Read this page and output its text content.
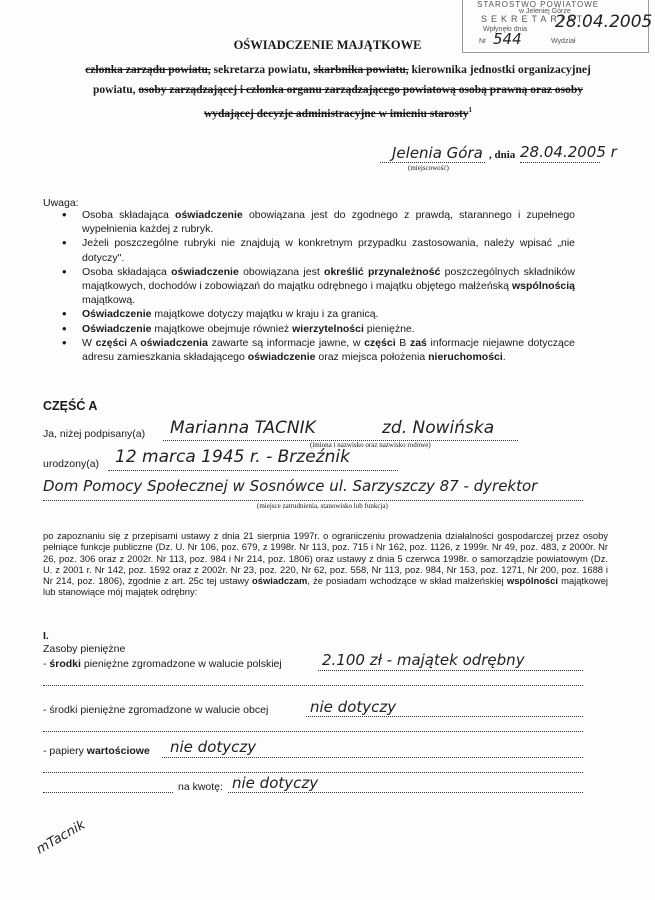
STAROSTWO POWIATOWE
w Jeleniej Górze
SEKRETARIAT
Wpłynęło dnia
Nr	Wydział
28.04.2005
544
OŚWIADCZENIE MAJĄTKOWE
członka zarządu powiatu, sekretarza powiatu, skarbnika powiatu, kierownika jednostki organizacyjnej powiatu, osoby zarządzającej i członka organu zarządzającego powiatową osobą prawną oraz osoby wydającej decyzje administracyjne w imieniu starosty$^1$
Jelenia Góra , dnia 28.04.2005 r
(miejscowość)
Uwaga:
• Osoba składająca oświadczenie obowiązana jest do zgodnego z prawdą, starannego i zupełnego wypełnienia każdej z rubryk.
• Jeżeli poszczególne rubryki nie znajdują w konkretnym przypadku zastosowania, należy wpisać „nie dotyczy".
• Osoba składająca oświadczenie obowiązana jest określić przynależność poszczególnych składników majątkowych, dochodów i zobowiązań do majątku odrębnego i majątku objętego małżeńską wspólnością majątkową.
• Oświadczenie majątkowe dotyczy majątku w kraju i za granicą.
• Oświadczenie majątkowe obejmuje również wierzytelności pieniężne.
• W części A oświadczenia zawarte są informacje jawne, w części B zaś informacje niejawne dotyczące adresu zamieszkania składającego oświadczenie oraz miejsca położenia nieruchomości.
CZĘŚĆ A
Ja, niżej podpisany(a) Marianna TACNIK	zd. Nowińska
(imiona i nazwisko oraz nazwisko rodowe)
urodzony(a) 12 marca 1945 r. - Brzeźnik
Dom Pomocy Społecznej w Sosnówce ul. Sarzyszczy 87 - dyrektor
(miejsce zatrudnienia, stanowisko lub funkcja)
po zapoznaniu się z przepisami ustawy z dnia 21 sierpnia 1997r. o ograniczeniu prowadzenia działalności gospodarczej przez osoby pełniące funkcje publiczne (Dz. U. Nr 106, poz. 679, z 1998r. Nr 113, poz. 715 i Nr 162, poz. 1126, z 1999r. Nr 49, poz. 483, z 2000r. Nr 26, poz. 306 oraz z 2002r. Nr 113, poz. 984 i Nr 214, poz. 1806) oraz ustawy z dnia 5 czerwca 1998r. o samorządzie powiatowym (Dz. U. z 2001 r. Nr 142, poz. 1592 oraz z 2002r. Nr 23, poz. 220, Nr 62, poz. 558, Nr 113, poz. 984, Nr 153, poz. 1271, Nr 200, poz. 1688 i Nr 214, poz. 1806), zgodnie z art. 25c tej ustawy oświadczam, że posiadam wchodzące w skład małżeńskiej wspólności majątkowej lub stanowiące mój majątek odrębny:
I.
Zasoby pieniężne
- środki pieniężne zgromadzone w walucie polskiej	2.100 zł - majątek odrębny
- środki pieniężne zgromadzone w walucie obcej	nie dotyczy
- papiery wartościowe nie dotyczy
na kwotę: nie dotyczy
mTacnik
